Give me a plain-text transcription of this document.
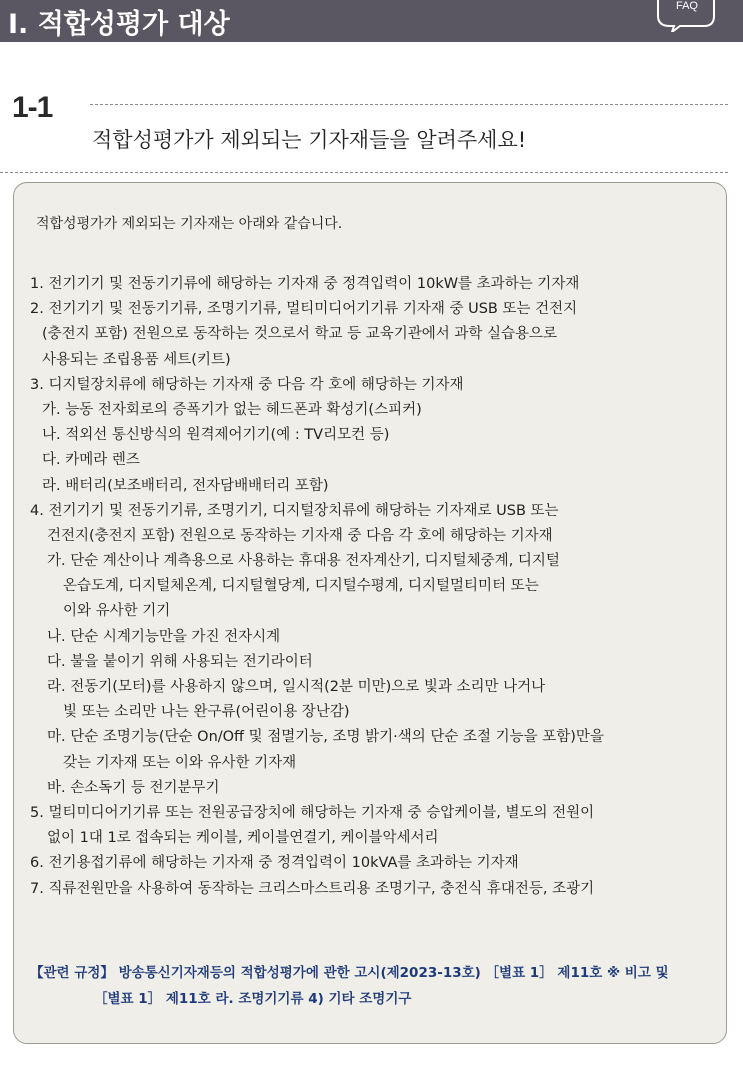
I. 적합성평가 대상
FAQ
1-1
적합성평가가 제외되는 기자재들을 알려주세요!
적합성평가가 제외되는 기자재는 아래와 같습니다.
1. 전기기기 및 전동기기류에 해당하는 기자재 중 정격입력이 10kW를 초과하는 기자재
2. 전기기기 및 전동기기류, 조명기기류, 멀티미디어기기류 기자재 중 USB 또는 건전지
(충전지 포함) 전원으로 동작하는 것으로서 학교 등 교육기관에서 과학 실습용으로
사용되는 조립용품 세트(키트)
3. 디지털장치류에 해당하는 기자재 중 다음 각 호에 해당하는 기자재
가. 능동 전자회로의 증폭기가 없는 헤드폰과 확성기(스피커)
나. 적외선 통신방식의 원격제어기기(예 : TV리모컨 등)
다. 카메라 렌즈
라. 배터리(보조배터리, 전자담배배터리 포함)
4. 전기기기 및 전동기기류, 조명기기, 디지털장치류에 해당하는 기자재로 USB 또는
건전지(충전지 포함) 전원으로 동작하는 기자재 중 다음 각 호에 해당하는 기자재
가. 단순 계산이나 계측용으로 사용하는 휴대용 전자계산기, 디지털체중계, 디지털
온습도계, 디지털체온계, 디지털혈당계, 디지털수평계, 디지털멀티미터 또는
이와 유사한 기기
나. 단순 시계기능만을 가진 전자시계
다. 불을 붙이기 위해 사용되는 전기라이터
라. 전동기(모터)를 사용하지 않으며, 일시적(2분 미만)으로 빛과 소리만 나거나
빛 또는 소리만 나는 완구류(어린이용 장난감)
마. 단순 조명기능(단순 On/Off 및 점멸기능, 조명 밝기·색의 단순 조절 기능을 포함)만을
갖는 기자재 또는 이와 유사한 기자재
바. 손소독기 등 전기분무기
5. 멀티미디어기기류 또는 전원공급장치에 해당하는 기자재 중 승압케이블, 별도의 전원이
없이 1대 1로 접속되는 케이블, 케이블연결기, 케이블악세서리
6. 전기용접기류에 해당하는 기자재 중 정격입력이 10kVA를 초과하는 기자재
7. 직류전원만을 사용하여 동작하는 크리스마스트리용 조명기구, 충전식 휴대전등, 조광기
【관련 규정】 방송통신기자재등의 적합성평가에 관한 고시(제2023-13호) ［별표 1］ 제11호 ※ 비고 및
［별표 1］ 제11호 라. 조명기기류 4) 기타 조명기구
